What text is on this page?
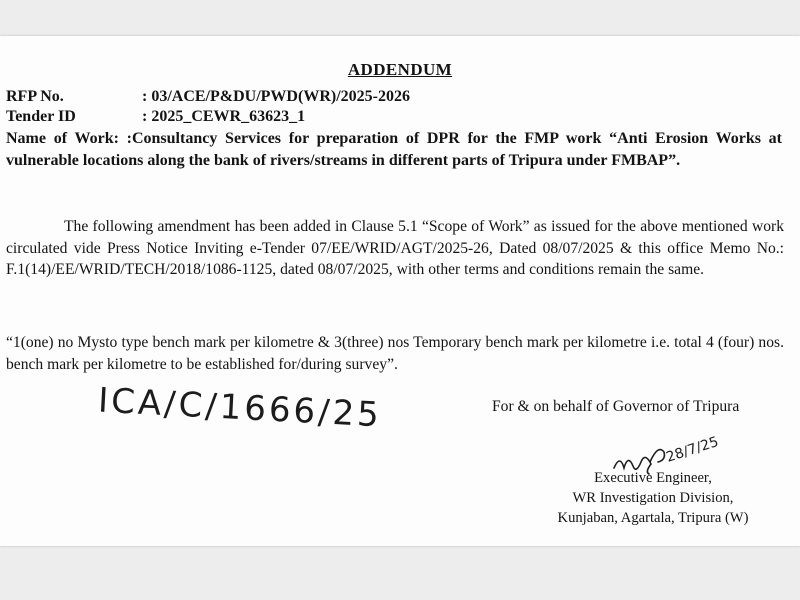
ADDENDUM
RFP No.	: 03/ACE/P&DU/PWD(WR)/2025-2026
Tender ID	: 2025_CEWR_63623_1
Name of Work: :Consultancy Services for preparation of DPR for the FMP work “Anti Erosion Works at vulnerable locations along the bank of rivers/streams in different parts of Tripura under FMBAP”.
The following amendment has been added in Clause 5.1 “Scope of Work” as issued for the above mentioned work circulated vide Press Notice Inviting e-Tender 07/EE/WRID/AGT/2025-26, Dated 08/07/2025 & this office Memo No.: F.1(14)/EE/WRID/TECH/2018/1086-1125, dated 08/07/2025, with other terms and conditions remain the same.
“1(one) no Mysto type bench mark per kilometre & 3(three) nos Temporary bench mark per kilometre i.e. total 4 (four) nos. bench mark per kilometre to be established for/during survey”.
ICA/C/1666/25	For & on behalf of Governor of Tripura
28/7/25
Executive Engineer,
WR Investigation Division,
Kunjaban, Agartala, Tripura (W)
